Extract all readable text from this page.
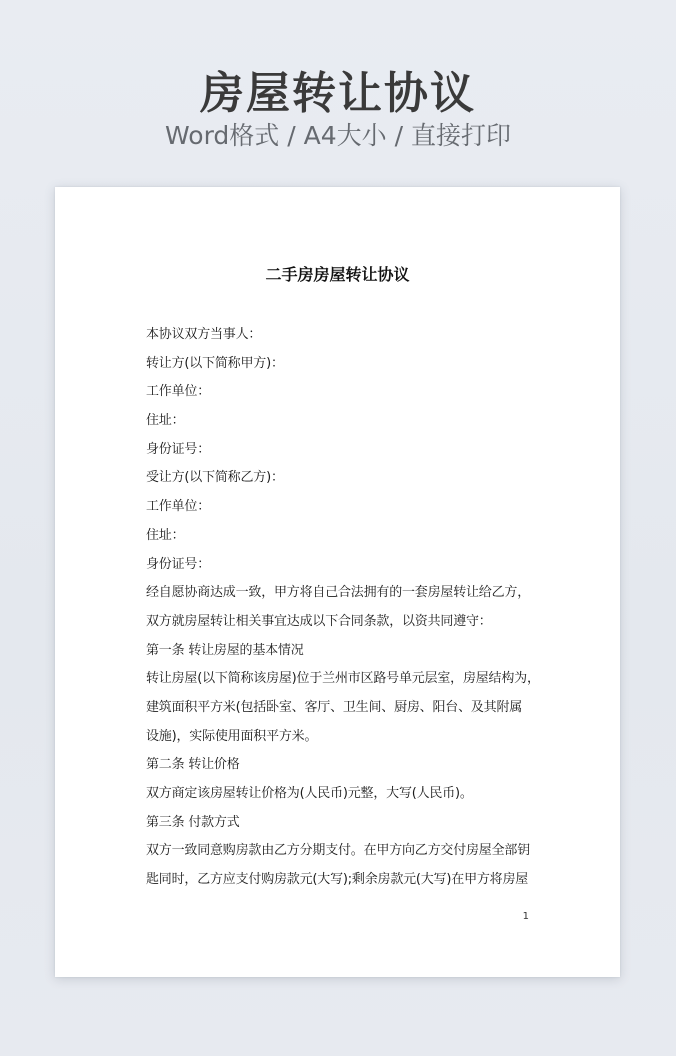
房屋转让协议
Word格式 / A4大小 / 直接打印
二手房房屋转让协议
本协议双方当事人：
转让方(以下简称甲方)：
工作单位：
住址：
身份证号：
受让方(以下简称乙方)：
工作单位：
住址：
身份证号：
经自愿协商达成一致，甲方将自己合法拥有的一套房屋转让给乙方，
双方就房屋转让相关事宜达成以下合同条款，以资共同遵守：
第一条 转让房屋的基本情况
转让房屋(以下简称该房屋)位于兰州市区路号单元层室，房屋结构为，
建筑面积平方米(包括卧室、客厅、卫生间、厨房、阳台、及其附属
设施)，实际使用面积平方米。
第二条 转让价格
双方商定该房屋转让价格为(人民币)元整，大写(人民币)。
第三条 付款方式
双方一致同意购房款由乙方分期支付。在甲方向乙方交付房屋全部钥
匙同时，乙方应支付购房款元(大写);剩余房款元(大写)在甲方将房屋
1
